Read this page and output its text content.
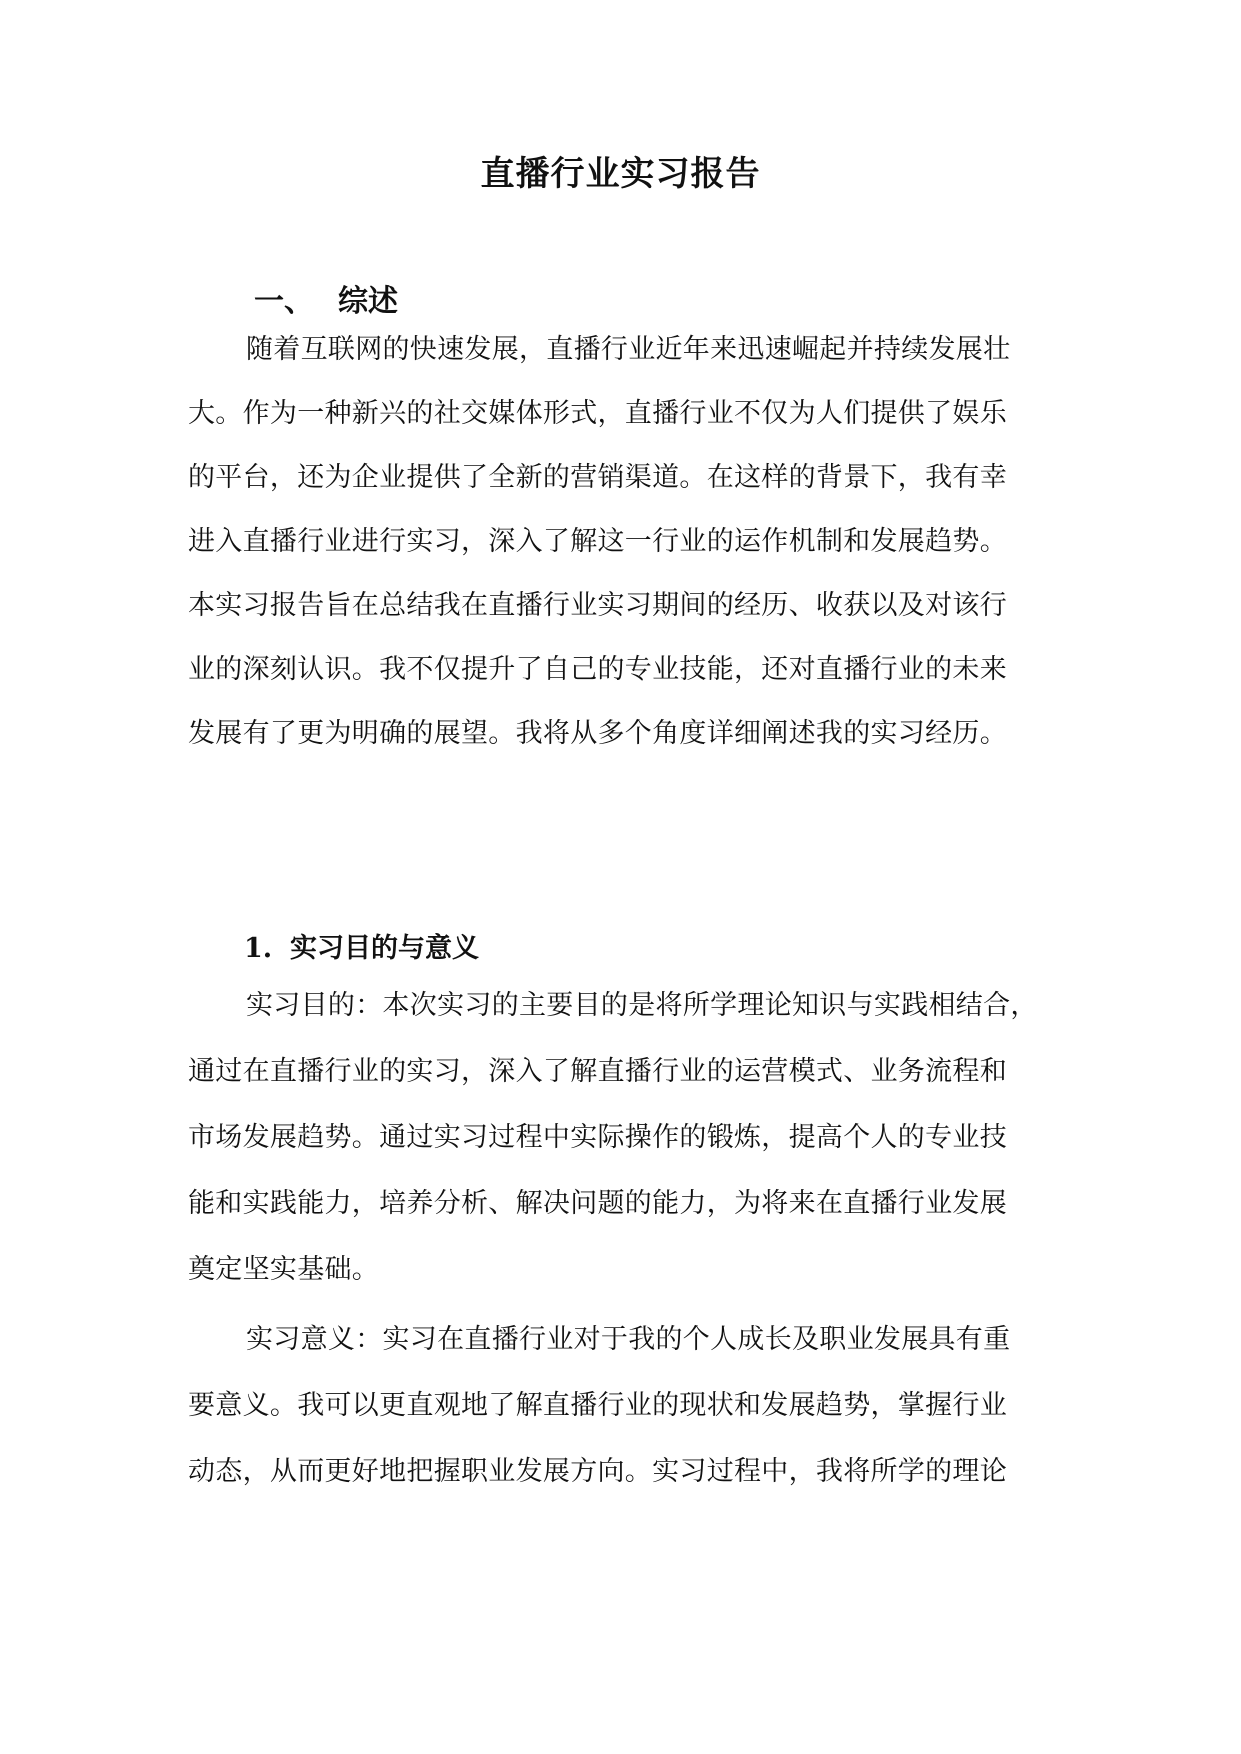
直播行业实习报告
一、 综述

随着互联网的快速发展，直播行业近年来迅速崛起并持续发展壮

大。作为一种新兴的社交媒体形式，直播行业不仅为人们提供了娱乐

的平台，还为企业提供了全新的营销渠道。在这样的背景下，我有幸

进入直播行业进行实习，深入了解这一行业的运作机制和发展趋势。

本实习报告旨在总结我在直播行业实习期间的经历、收获以及对该行

业的深刻认识。我不仅提升了自己的专业技能，还对直播行业的未来

发展有了更为明确的展望。我将从多个角度详细阐述我的实习经历。

1. 实习目的与意义

实习目的：本次实习的主要目的是将所学理论知识与实践相结合，

通过在直播行业的实习，深入了解直播行业的运营模式、业务流程和

市场发展趋势。通过实习过程中实际操作的锻炼，提高个人的专业技

能和实践能力，培养分析、解决问题的能力，为将来在直播行业发展

奠定坚实基础。

实习意义：实习在直播行业对于我的个人成长及职业发展具有重

要意义。我可以更直观地了解直播行业的现状和发展趋势，掌握行业

动态，从而更好地把握职业发展方向。实习过程中，我将所学的理论
